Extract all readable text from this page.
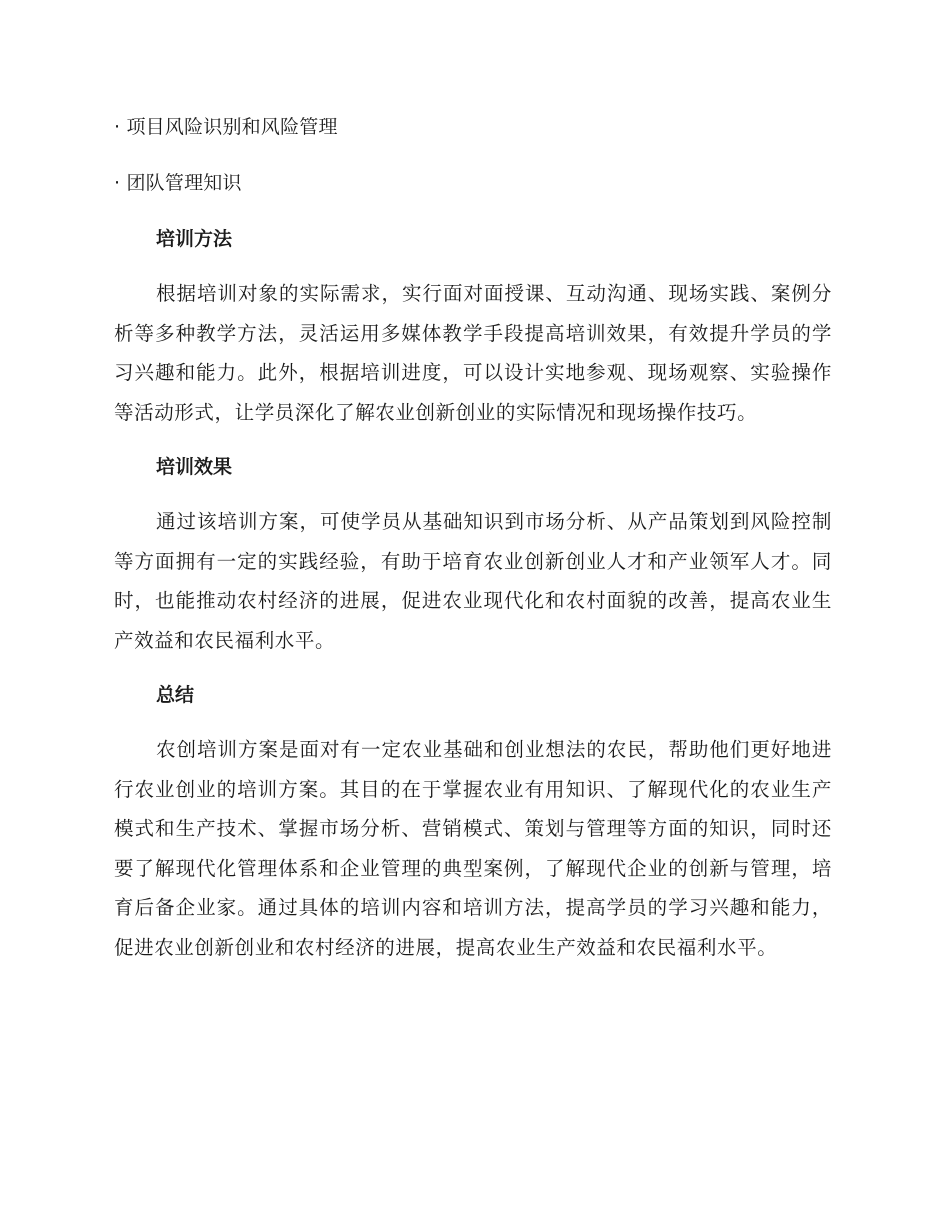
· 项目风险识别和风险管理
· 团队管理知识
培训方法

根据培训对象的实际需求，实行面对面授课、互动沟通、现场实践、案例分析等多种教学方法，灵活运用多媒体教学手段提高培训效果，有效提升学员的学习兴趣和能力。此外，根据培训进度，可以设计实地参观、现场观察、实验操作等活动形式，让学员深化了解农业创新创业的实际情况和现场操作技巧。

培训效果

通过该培训方案，可使学员从基础知识到市场分析、从产品策划到风险控制等方面拥有一定的实践经验，有助于培育农业创新创业人才和产业领军人才。同时，也能推动农村经济的进展，促进农业现代化和农村面貌的改善，提高农业生产效益和农民福利水平。

总结

农创培训方案是面对有一定农业基础和创业想法的农民，帮助他们更好地进行农业创业的培训方案。其目的在于掌握农业有用知识、了解现代化的农业生产模式和生产技术、掌握市场分析、营销模式、策划与管理等方面的知识，同时还要了解现代化管理体系和企业管理的典型案例，了解现代企业的创新与管理，培育后备企业家。通过具体的培训内容和培训方法，提高学员的学习兴趣和能力，促进农业创新创业和农村经济的进展，提高农业生产效益和农民福利水平。
